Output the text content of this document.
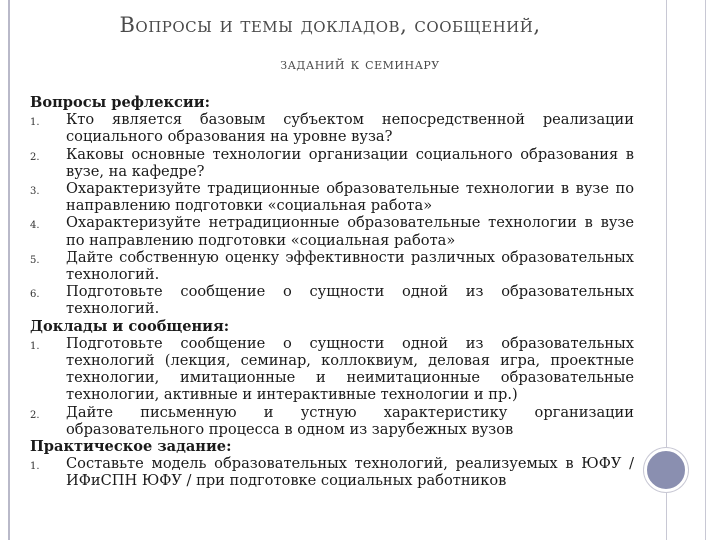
Вопросы и темы докладов, сообщений,
заданий к семинару

Вопросы рефлексии:

1.	Кто является базовым субъектом непосредственной реализации социального образования на уровне вуза?
2.	Каковы основные технологии организации социального образования в вузе, на кафедре?
3.	Охарактеризуйте традиционные образовательные технологии в вузе по направлению подготовки «социальная работа»
4.	Охарактеризуйте нетрадиционные образовательные технологии в вузе по направлению подготовки «социальная работа»
5.	Дайте собственную оценку эффективности различных образовательных технологий.
6.	Подготовьте сообщение о сущности одной из образовательных технологий.

Доклады и сообщения:

1.	Подготовьте сообщение о сущности одной из образовательных технологий (лекция, семинар, коллоквиум, деловая игра, проектные технологии, имитационные и неимитационные образовательные технологии, активные и интерактивные технологии и пр.)
2.	Дайте письменную и устную характеристику организации образовательного процесса в одном из зарубежных вузов

Практическое задание:

1.	Составьте модель образовательных технологий, реализуемых в ЮФУ / ИФиСПН ЮФУ / при подготовке социальных работников
